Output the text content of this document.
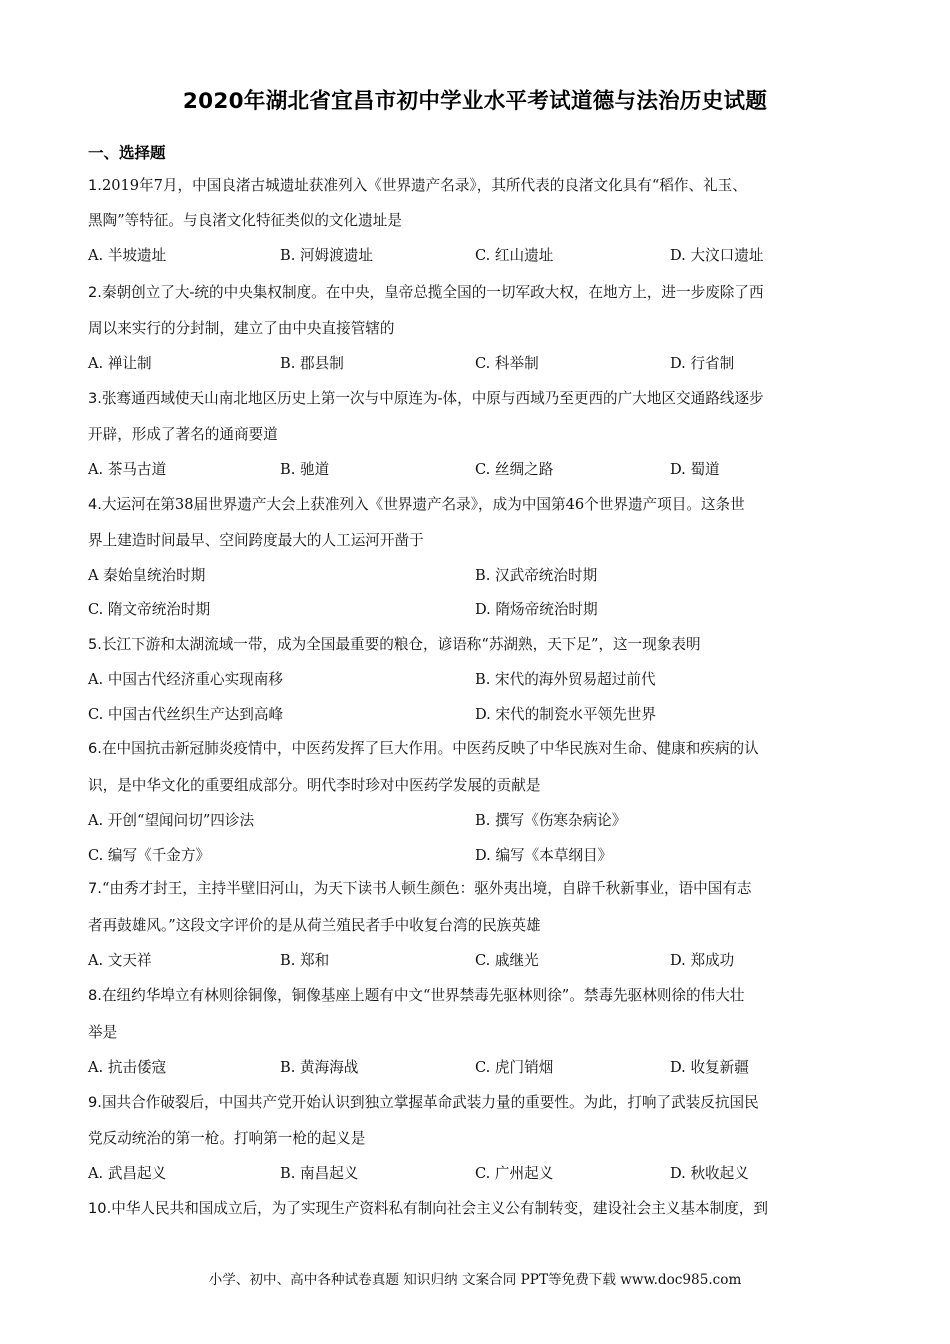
2020年湖北省宜昌市初中学业水平考试道德与法治历史试题
一、选择题
1.2019年7月，中国良渚古城遗址获准列入《世界遗产名录》，其所代表的良渚文化具有“稻作、礼玉、
黑陶”等特征。与良渚文化特征类似的文化遗址是
A. 半坡遗址	B. 河姆渡遗址	C. 红山遗址	D. 大汶口遗址
2.秦朝创立了大-统的中央集权制度。在中央，皇帝总揽全国的一切军政大权，在地方上，进一步废除了西
周以来实行的分封制，建立了由中央直接管辖的
A. 禅让制	B. 郡县制	C. 科举制	D. 行省制
3.张骞通西域使天山南北地区历史上第一次与中原连为-体，中原与西域乃至更西的广大地区交通路线逐步
开辟，形成了著名的通商要道
A. 茶马古道	B. 驰道	C. 丝绸之路	D. 蜀道
4.大运河在第38届世界遗产大会上获准列入《世界遗产名录》，成为中国第46个世界遗产项目。这条世
界上建造时间最早、空间跨度最大的人工运河开凿于
A 秦始皇统治时期	B. 汉武帝统治时期
C. 隋文帝统治时期	D. 隋炀帝统治时期
5.长江下游和太湖流域一带，成为全国最重要的粮仓，谚语称“苏湖熟，天下足”，这一现象表明
A. 中国古代经济重心实现南移	B. 宋代的海外贸易超过前代
C. 中国古代丝织生产达到高峰	D. 宋代的制瓷水平领先世界
6.在中国抗击新冠肺炎疫情中，中医药发挥了巨大作用。中医药反映了中华民族对生命、健康和疾病的认
识，是中华文化的重要组成部分。明代李时珍对中医药学发展的贡献是
A. 开创“望闻问切”四诊法	B. 撰写《伤寒杂病论》
C. 编写《千金方》	D. 编写《本草纲目》
7.“由秀才封王，主持半壁旧河山，为天下读书人顿生颜色：驱外夷出境，自辟千秋新事业，语中国有志
者再鼓雄风。”这段文字评价的是从荷兰殖民者手中收复台湾的民族英雄
A. 文天祥	B. 郑和	C. 戚继光	D. 郑成功
8.在纽约华埠立有林则徐铜像，铜像基座上题有中文“世界禁毒先驱林则徐”。禁毒先驱林则徐的伟大壮
举是
A. 抗击倭寇	B. 黄海海战	C. 虎门销烟	D. 收复新疆
9.国共合作破裂后，中国共产党开始认识到独立掌握革命武装力量的重要性。为此，打响了武装反抗国民
党反动统治的第一枪。打响第一枪的起义是
A. 武昌起义	B. 南昌起义	C. 广州起义	D. 秋收起义
10.中华人民共和国成立后，为了实现生产资料私有制向社会主义公有制转变，建设社会主义基本制度，到
小学、初中、高中各种试卷真题 知识归纳 文案合同 PPT等免费下载 www.doc985.com
